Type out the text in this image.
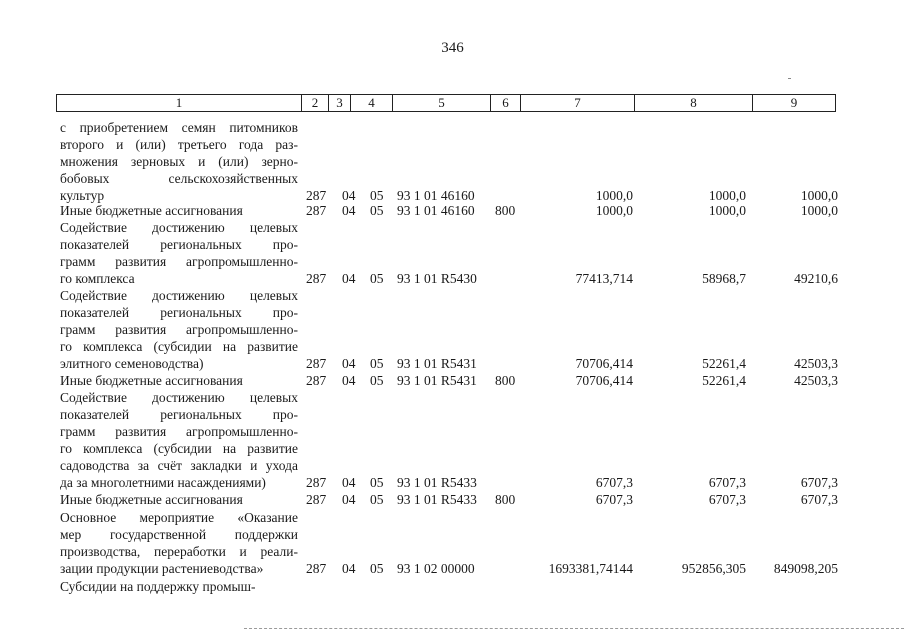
346
1	2	3	4	5	6	7	8	9
с приобретением семян питомников
второго и (или) третьего года раз-
множения зерновых и (или) зерно-
бобовых сельскохозяйственных
культур	287 04 05 93 1 01 46160	1000,0	1000,0	1000,0
Иные бюджетные ассигнования	287 04 05 93 1 01 46160 800	1000,0	1000,0	1000,0
Содействие достижению целевых
показателей региональных про-
грамм развития агропромышленно-
го комплекса	287 04 05 93 1 01 R5430	77413,714	58968,7	49210,6
Содействие достижению целевых
показателей региональных про-
грамм развития агропромышленно-
го комплекса (субсидии на развитие
элитного семеноводства)	287 04 05 93 1 01 R5431	70706,414	52261,4	42503,3
Иные бюджетные ассигнования	287 04 05 93 1 01 R5431 800	70706,414	52261,4	42503,3
Содействие достижению целевых
показателей региональных про-
грамм развития агропромышленно-
го комплекса (субсидии на развитие
садоводства за счёт закладки и уходa
да за многолетними насаждениями)	287 04 05 93 1 01 R5433	6707,3	6707,3	6707,3
Иные бюджетные ассигнования	287 04 05 93 1 01 R5433 800	6707,3	6707,3	6707,3
Основное мероприятие «Оказание
мер государственной поддержки
производства, переработки и реали-
зации продукции растениеводства»	287 04 05 93 1 02 00000	1693381,74144	952856,305 849098,205
Субсидии на поддержку промыш-
